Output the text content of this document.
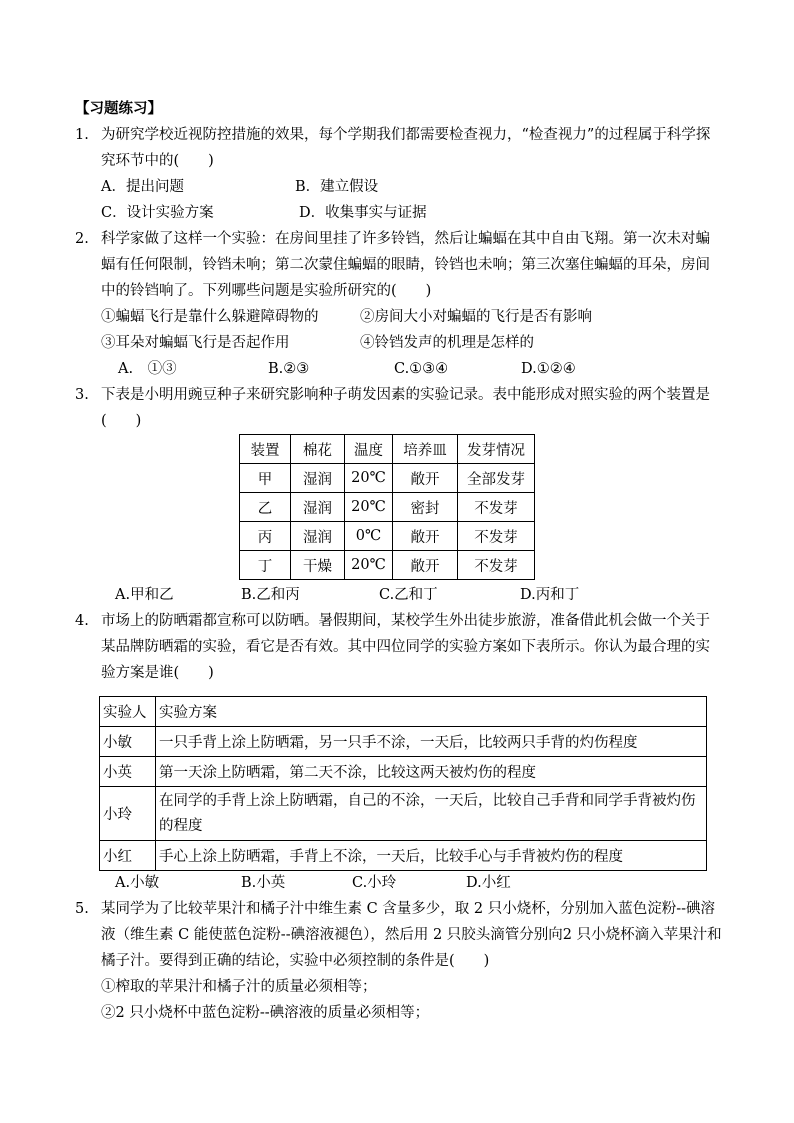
【习题练习】
1. 为研究学校近视防控措施的效果，每个学期我们都需要检查视力，“检查视力”的过程属于科学探
究环节中的(　　)
A．提出问题	B．建立假设
C．设计实验方案	D．收集事实与证据
2. 科学家做了这样一个实验：在房间里挂了许多铃铛，然后让蝙蝠在其中自由飞翔。第一次未对蝙
蝠有任何限制，铃铛未响；第二次蒙住蝙蝠的眼睛，铃铛也未响；第三次塞住蝙蝠的耳朵，房间
中的铃铛响了。下列哪些问题是实验所研究的(　　)
①蝙蝠飞行是靠什么躲避障碍物的	②房间大小对蝙蝠的飞行是否有影响
③耳朵对蝙蝠飞行是否起作用	④铃铛发声的机理是怎样的
A.　①③	B.②③	C.①③④	D.①②④
3. 下表是小明用豌豆种子来研究影响种子萌发因素的实验记录。表中能形成对照实验的两个装置是
(　　)
装置	棉花	温度	培养皿	发芽情况
甲	湿润	20℃	敞开	全部发芽
乙	湿润	20℃	密封	不发芽
丙	湿润	0℃	敞开	不发芽
丁	干燥	20℃	敞开	不发芽
A.甲和乙	B.乙和丙	C.乙和丁	D.丙和丁
4. 市场上的防晒霜都宣称可以防晒。暑假期间，某校学生外出徒步旅游，准备借此机会做一个关于
某品牌防晒霜的实验，看它是否有效。其中四位同学的实验方案如下表所示。你认为最合理的实
验方案是谁(　　)
实验人	实验方案
小敏	一只手背上涂上防晒霜，另一只手不涂，一天后，比较两只手背的灼伤程度
小英	第一天涂上防晒霜，第二天不涂，比较这两天被灼伤的程度
小玲	在同学的手背上涂上防晒霜，自己的不涂，一天后，比较自己手背和同学手背被灼伤的程度

小红	手心上涂上防晒霜，手背上不涂，一天后，比较手心与手背被灼伤的程度
A.小敏	B.小英	C.小玲	D.小红
5. 某同学为了比较苹果汁和橘子汁中维生素 C 含量多少，取 2 只小烧杯，分别加入蓝色淀粉--碘溶
液（维生素 C 能使蓝色淀粉--碘溶液褪色），然后用 2 只胶头滴管分别向2 只小烧杯滴入苹果汁和
橘子汁。要得到正确的结论，实验中必须控制的条件是(　　)
①榨取的苹果汁和橘子汁的质量必须相等；
②2 只小烧杯中蓝色淀粉--碘溶液的质量必须相等；
